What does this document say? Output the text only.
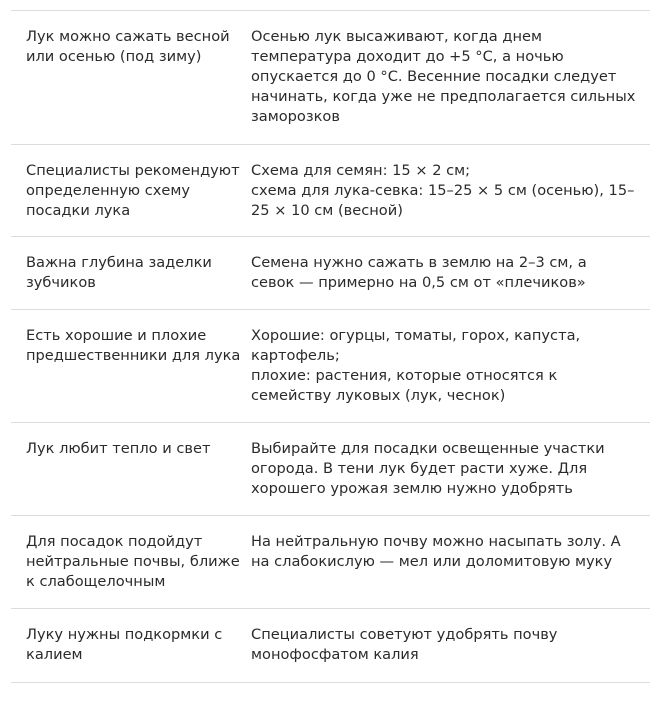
Лук можно сажать весной
или осенью (под зиму)
Осенью лук высаживают, когда днем
температура доходит до +5 °C, а ночью
опускается до 0 °C. Весенние посадки следует
начинать, когда уже не предполагается сильных
заморозков
Специалисты рекомендуют
определенную схему
посадки лука
Схема для семян: 15 × 2 см;
схема для лука-севка: 15–25 × 5 см (осенью), 15–
25 × 10 см (весной)
Важна глубина заделки
зубчиков
Семена нужно сажать в землю на 2–3 см, а
севок — примерно на 0,5 см от «плечиков»
Есть хорошие и плохие
предшественники для лука
Хорошие: огурцы, томаты, горох, капуста,
картофель;
плохие: растения, которые относятся к
семейству луковых (лук, чеснок)
Лук любит тепло и свет	Выбирайте для посадки освещенные участки
огорода. В тени лук будет расти хуже. Для
хорошего урожая землю нужно удобрять
Для посадок подойдут
нейтральные почвы, ближе
к слабощелочным
На нейтральную почву можно насыпать золу. А
на слабокислую — мел или доломитовую муку
Луку нужны подкормки с
калием
Специалисты советуют удобрять почву
монофосфатом калия
